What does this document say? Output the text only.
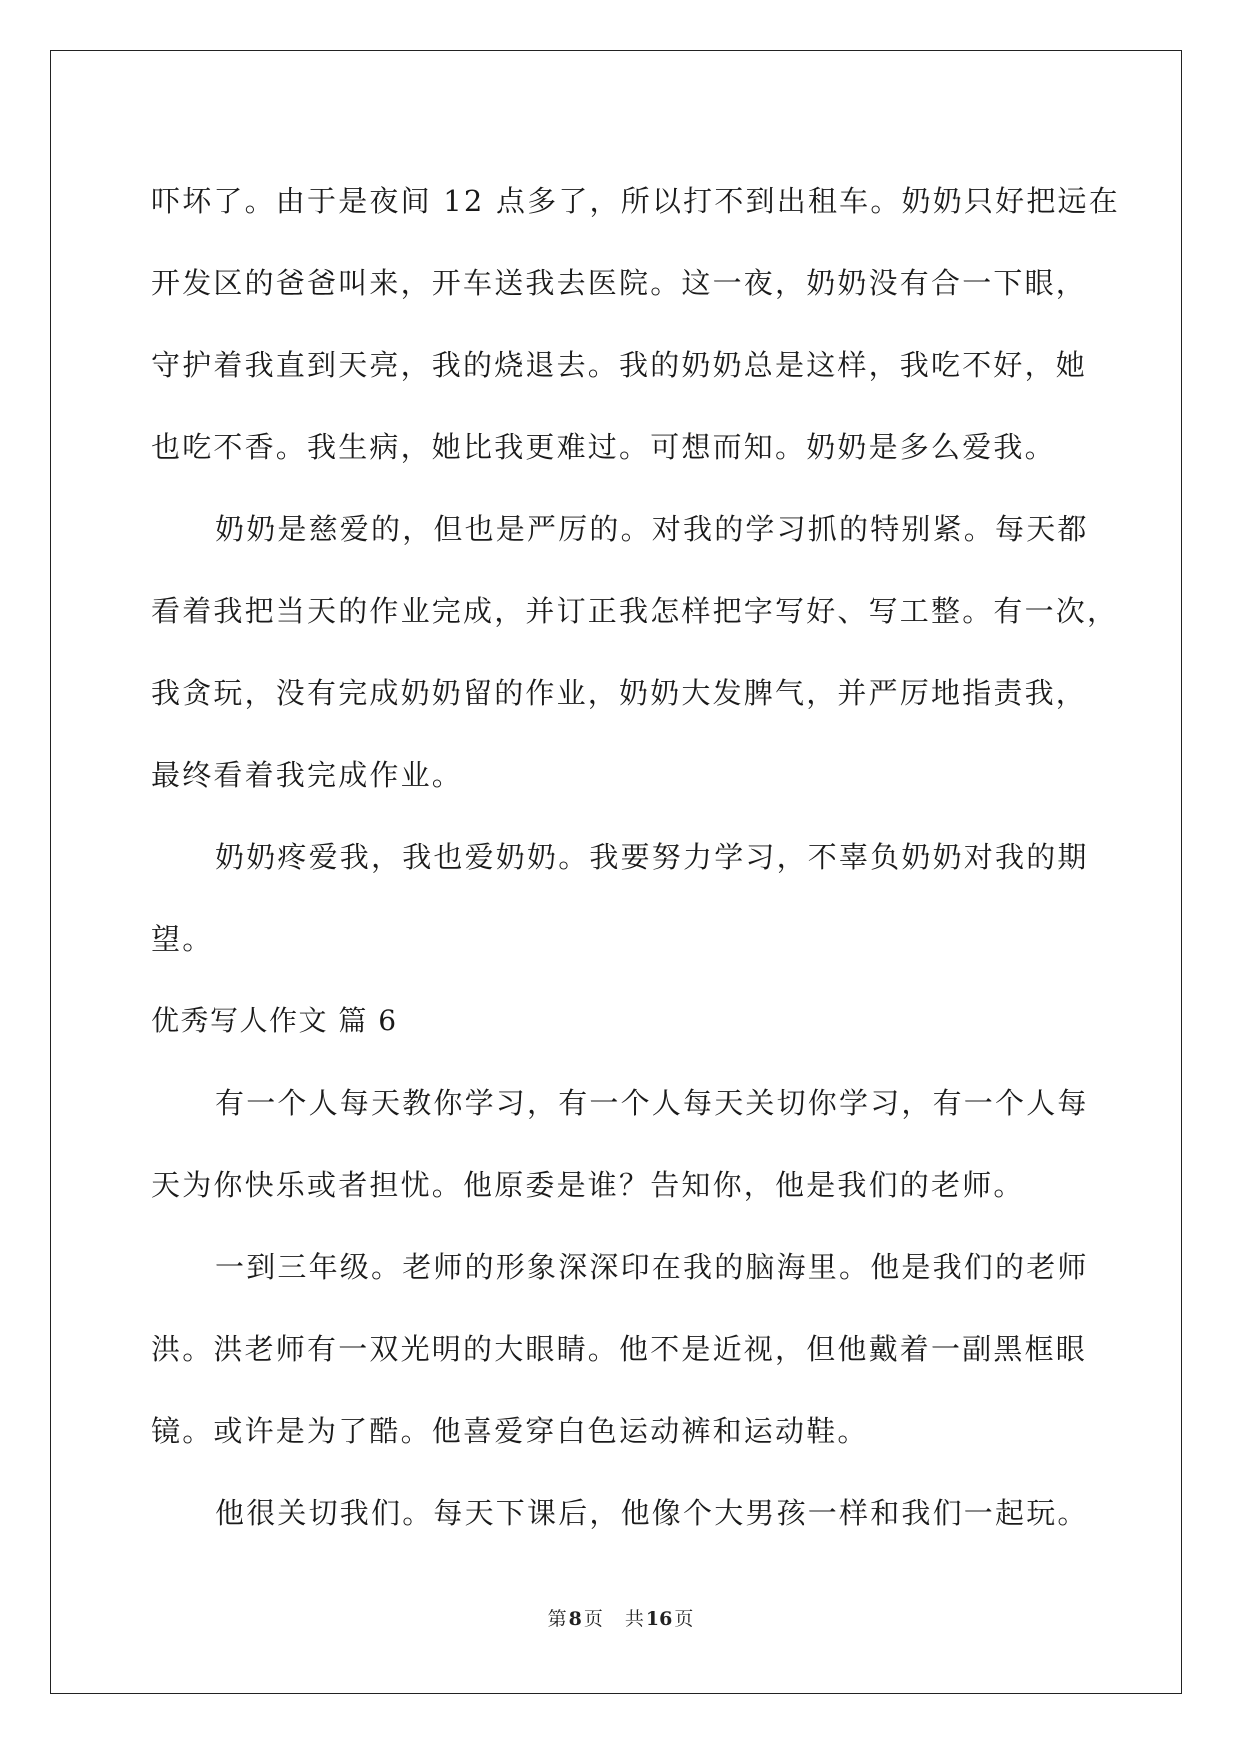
吓坏了。由于是夜间 12 点多了，所以打不到出租车。奶奶只好把远在
开发区的爸爸叫来，开车送我去医院。这一夜，奶奶没有合一下眼，
守护着我直到天亮，我的烧退去。我的奶奶总是这样，我吃不好，她
也吃不香。我生病，她比我更难过。可想而知。奶奶是多么爱我。
奶奶是慈爱的，但也是严厉的。对我的学习抓的特别紧。每天都
看着我把当天的作业完成，并订正我怎样把字写好、写工整。有一次，
我贪玩，没有完成奶奶留的作业，奶奶大发脾气，并严厉地指责我，
最终看着我完成作业。
奶奶疼爱我，我也爱奶奶。我要努力学习，不辜负奶奶对我的期
望。
优秀写人作文 篇 6
有一个人每天教你学习，有一个人每天关切你学习，有一个人每
天为你快乐或者担忧。他原委是谁？告知你，他是我们的老师。
一到三年级。老师的形象深深印在我的脑海里。他是我们的老师
洪。洪老师有一双光明的大眼睛。他不是近视，但他戴着一副黑框眼
镜。或许是为了酷。他喜爱穿白色运动裤和运动鞋。
他很关切我们。每天下课后，他像个大男孩一样和我们一起玩。
第 8 页 共 16 页
